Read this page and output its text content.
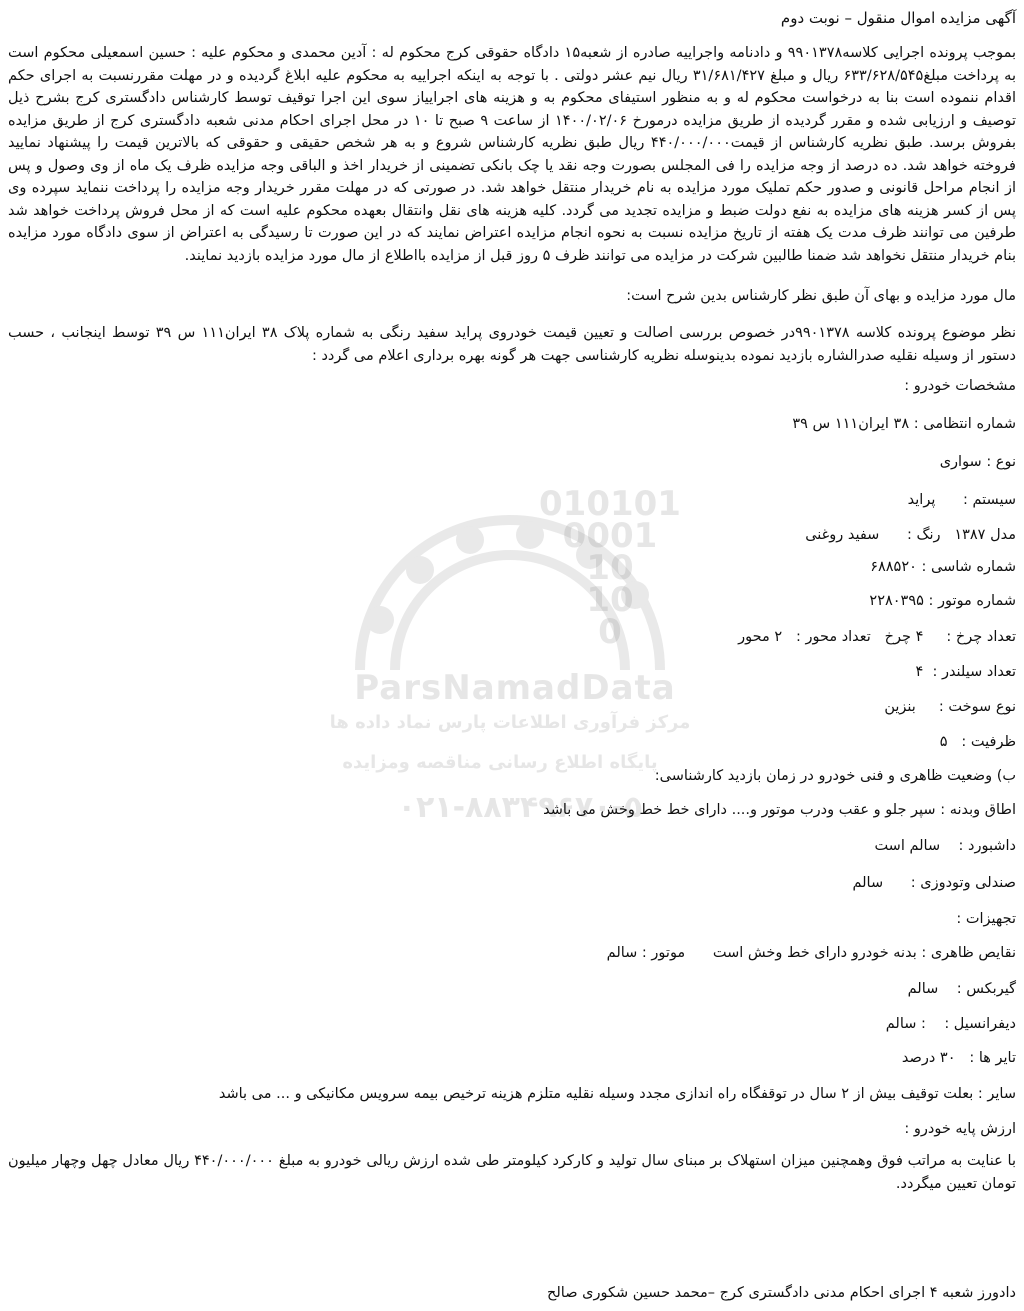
010101
0001
10
10
0
ParsNamadData
مرکز فرآوری اطلاعات پارس نماد داده ها
پایگاه اطلاع رسانی مناقصه ومزایده
۰۲۱-۸۸۳۴۹۶۷۰-۵

آگهی مزایده اموال منقول – نوبت دوم

بموجب پرونده اجرایی کلاسه۹۹۰۱۳۷۸ و دادنامه واجراییه صادره از شعبه۱۵ دادگاه حقوقی کرج محکوم له : آدین محمدی و محکوم علیه : حسین اسمعیلی محکوم است به پرداخت مبلغ۶۳۳/۶۲۸/۵۴۵ ریال و مبلغ ۳۱/۶۸۱/۴۲۷ ریال نیم عشر دولتی . با توجه به اینکه اجراییه به محکوم علیه ابلاغ گردیده و در مهلت مقررنسبت به اجرای حکم اقدام ننموده است بنا به درخواست محکوم له و به منظور استیفای محکوم به و هزینه های اجراییاز سوی این اجرا توقیف توسط کارشناس دادگستری کرج بشرح ذیل توصیف و ارزیابی شده و مقرر گردیده از طریق مزایده درمورخ ۱۴۰۰/۰۲/۰۶ از ساعت ۹ صبح تا ۱۰ در محل اجرای احکام مدنی شعبه دادگستری کرج از طریق مزایده بفروش برسد. طبق نظریه کارشناس از قیمت۴۴۰/۰۰۰/۰۰۰ ریال طبق نظریه کارشناس شروع و به هر شخص حقیقی و حقوقی که بالاترین قیمت را پیشنهاد نمایید فروخته خواهد شد. ده درصد از وجه مزایده را فی المجلس بصورت وجه نقد یا چک بانکی تضمینی از خریدار اخذ و الباقی وجه مزایده ظرف یک ماه از وی وصول و پس از انجام مراحل قانونی و صدور حکم تملیک مورد مزایده به نام خریدار منتقل خواهد شد. در صورتی که در مهلت مقرر خریدار وجه مزایده را پرداخت ننماید سپرده وی پس از کسر هزینه های مزایده به نفع دولت ضبط و مزایده تجدید می گردد. کلیه هزینه های نقل وانتقال بعهده محکوم علیه است که از محل فروش پرداخت خواهد شد طرفین می توانند ظرف مدت یک هفته از تاریخ مزایده نسبت به نحوه انجام مزایده اعتراض نمایند که در این صورت تا رسیدگی به اعتراض از سوی دادگاه مورد مزایده بنام خریدار منتقل نخواهد شد ضمنا طالبین شرکت در مزایده می توانند ظرف ۵ روز قبل از مزایده بااطلاع از مال مورد مزایده بازدید نمایند.

مال مورد مزایده و بهای آن طبق نظر کارشناس بدین شرح است:

نظر موضوع پرونده کلاسه ۹۹۰۱۳۷۸در خصوص بررسی اصالت و تعیین قیمت خودروی پراید سفید رنگی به شماره پلاک ۳۸ ایران۱۱۱ س ۳۹ توسط اینجانب ، حسب دستور از وسیله نقلیه صدرالشاره بازدید نموده بدینوسله نظریه کارشناسی جهت هر گونه بهره برداری اعلام می گردد :

مشخصات خودرو :

شماره انتظامی : ۳۸ ایران۱۱۱ س ۳۹

نوع : سواری

سیستم :      پراید

مدل ۱۳۸۷   رنگ :      سفید روغنی

شماره شاسی : ۶۸۸۵۲۰

شماره موتور : ۲۲۸۰۳۹۵

تعداد چرخ :     ۴ چرخ   تعداد محور :   ۲ محور

تعداد سیلندر :  ۴

نوع سوخت :     بنزین

ظرفیت :   ۵

ب) وضعیت ظاهری و فنی خودرو در زمان بازدید کارشناسی:

اطاق وبدنه : سپر جلو و عقب ودرب موتور و.... دارای خط خط وخش می باشد

داشبورد :    سالم است

صندلی وتودوزی :      سالم

تجهیزات :

نقایص ظاهری : بدنه خودرو دارای خط وخش است      موتور : سالم

گیربکس :    سالم

دیفرانسیل :    : سالم

تایر ها :   ۳۰ درصد

سایر : بعلت توقیف بیش از ۲ سال در توقفگاه راه اندازی مجدد وسیله نقلیه متلزم هزینه ترخیص بیمه سرویس مکانیکی و ... می باشد

ارزش پایه خودرو :

با عنایت به مراتب فوق وهمچنین میزان استهلاک بر مبنای سال تولید و کارکرد کیلومتر طی شده ارزش ریالی خودرو به مبلغ ۴۴۰/۰۰۰/۰۰۰ ریال معادل چهل وچهار میلیون تومان تعیین میگردد.

دادورز شعبه ۴ اجرای احکام مدنی دادگستری کرج –محمد حسین شکوری صالح
